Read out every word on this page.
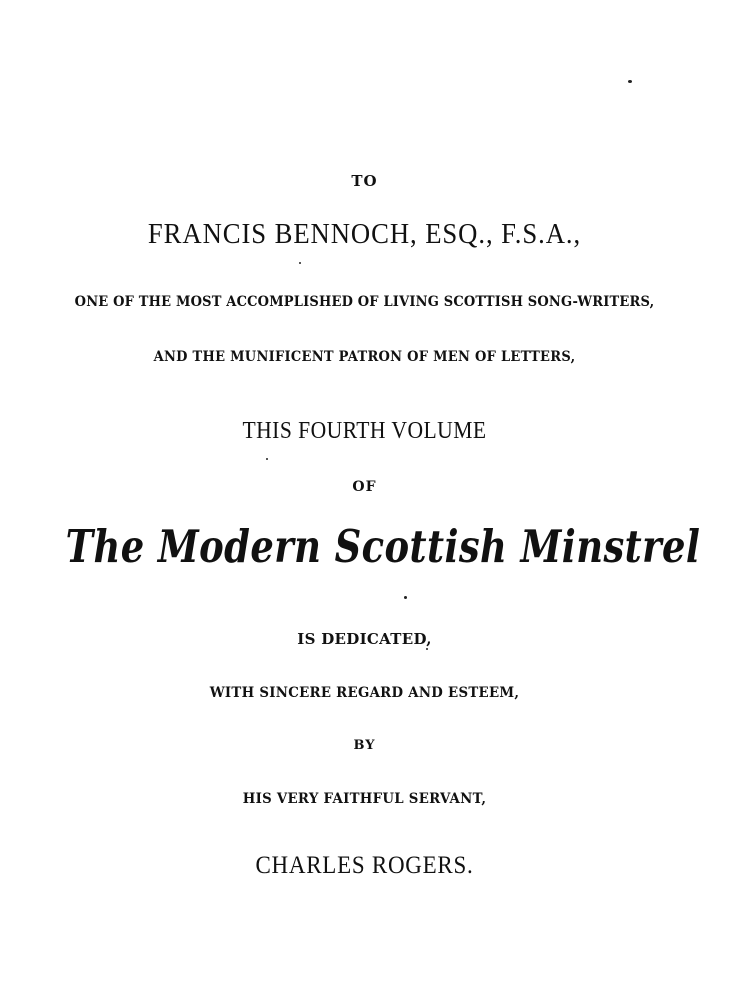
TO

FRANCIS BENNOCH, ESQ., F.S.A.,

ONE OF THE MOST ACCOMPLISHED OF LIVING SCOTTISH SONG-WRITERS,

AND THE MUNIFICENT PATRON OF MEN OF LETTERS,

THIS FOURTH VOLUME

OF

The Modern Scottish Minstrel

IS DEDICATED,

WITH SINCERE REGARD AND ESTEEM,

BY

HIS VERY FAITHFUL SERVANT,

CHARLES ROGERS.
